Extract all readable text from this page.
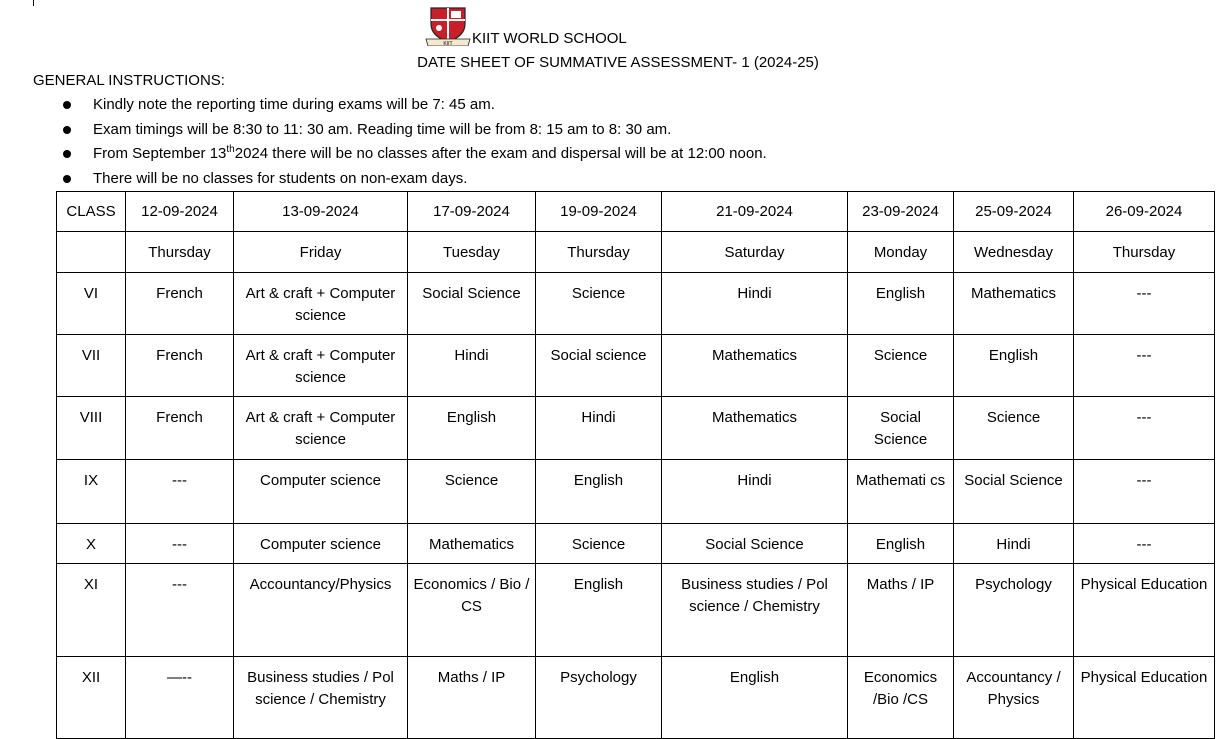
KIIT KIIT WORLD SCHOOL
DATE SHEET OF SUMMATIVE ASSESSMENT- 1 (2024-25)
GENERAL INSTRUCTIONS:
Kindly note the reporting time during exams will be 7: 45 am.
Exam timings will be 8:30 to 11: 30 am. Reading time will be from 8: 15 am to 8: 30 am.
From September 13th2024 there will be no classes after the exam and dispersal will be at 12:00 noon.
There will be no classes for students on non-exam days.
CLASS	12-09-2024	13-09-2024	17-09-2024	19-09-2024	21-09-2024	23-09-2024	25-09-2024	26-09-2024
	Thursday	Friday	Tuesday	Thursday	Saturday	Monday	Wednesday	Thursday
VI	French	Art & craft + Computer science	Social Science	Science	Hindi	English	Mathematics	---
VII	French	Art & craft + Computer science	Hindi	Social science	Mathematics	Science	English	---
VIII	French	Art & craft + Computer science	English	Hindi	Mathematics	Social Science	Science	---
IX	---	Computer science	Science	English	Hindi	Mathemati cs	Social Science	---
X	---	Computer science	Mathematics	Science	Social Science	English	Hindi	---
XI	---	Accountancy/Physics	Economics / Bio / CS	English	Business studies / Pol science / Chemistry	Maths / IP	Psychology	Physical Education
XII	—--	Business studies / Pol science / Chemistry	Maths / IP	Psychology	English	Economics /Bio /CS	Accountancy / Physics	Physical Education
